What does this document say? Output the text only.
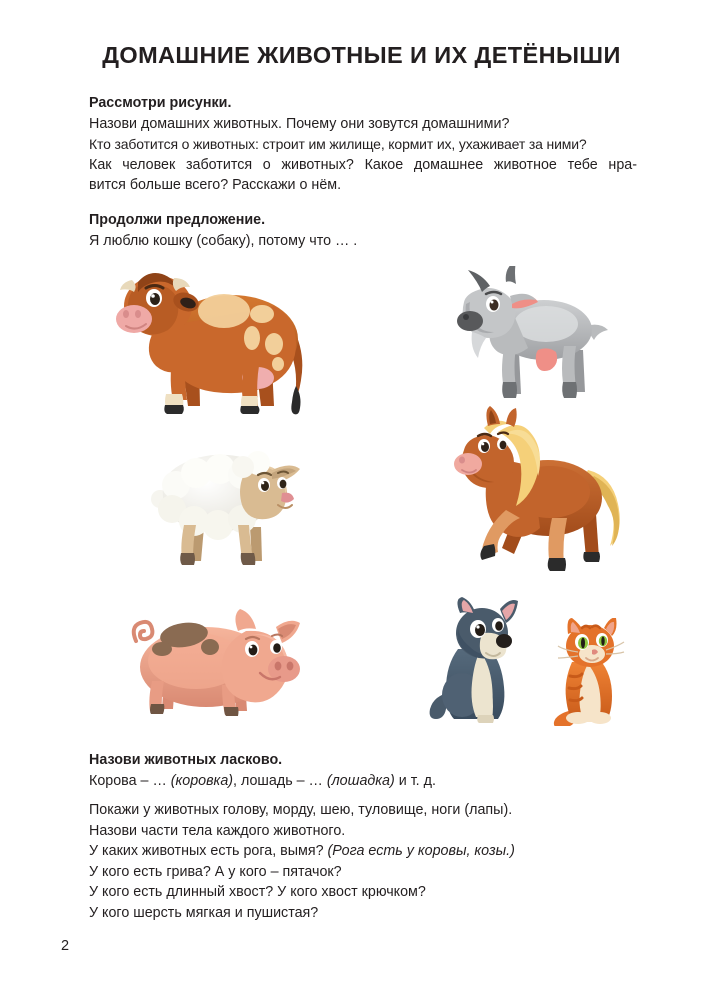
ДОМАШНИЕ ЖИВОТНЫЕ И ИХ ДЕТЁНЫШИ
Рассмотри рисунки.
Назови домашних животных. Почему они зовутся домашними?
Кто заботится о животных: строит им жилище, кормит их, ухаживает за ними?
Как человек заботится о животных? Какое домашнее животное тебе нра-
вится больше всего? Расскажи о нём.
Продолжи предложение.
Я люблю кошку (собаку), потому что … .
Назови животных ласково.
Корова – … (коровка), лошадь – … (лошадка) и т. д.
Покажи у животных голову, морду, шею, туловище, ноги (лапы).
Назови части тела каждого животного.
У каких животных есть рога, вымя? (Рога есть у коровы, козы.)
У кого есть грива? А у кого – пятачок?
У кого есть длинный хвост? У кого хвост крючком?
У кого шерсть мягкая и пушистая?
2
